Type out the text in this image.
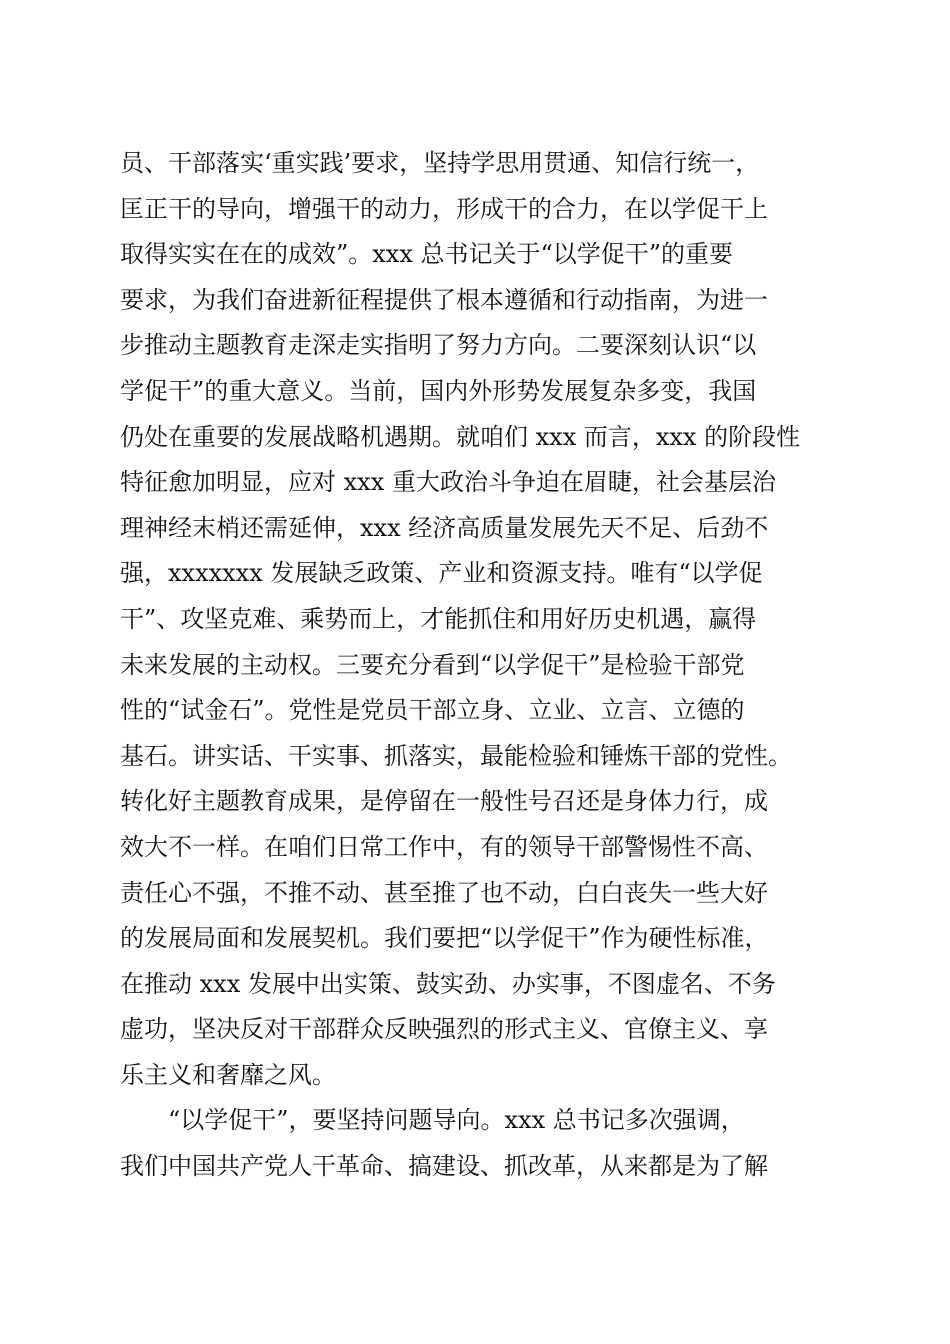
员、干部落实‘重实践’要求，坚持学思用贯通、知信行统一，
匡正干的导向，增强干的动力，形成干的合力，在以学促干上
取得实实在在的成效”。xxx 总书记关于“以学促干”的重要
要求，为我们奋进新征程提供了根本遵循和行动指南，为进一
步推动主题教育走深走实指明了努力方向。二要深刻认识“以
学促干”的重大意义。当前，国内外形势发展复杂多变，我国
仍处在重要的发展战略机遇期。就咱们 xxx 而言，xxx 的阶段性
特征愈加明显，应对 xxx 重大政治斗争迫在眉睫，社会基层治
理神经末梢还需延伸，xxx 经济高质量发展先天不足、后劲不
强，xxxxxxx 发展缺乏政策、产业和资源支持。唯有“以学促
干”、攻坚克难、乘势而上，才能抓住和用好历史机遇，赢得
未来发展的主动权。三要充分看到“以学促干”是检验干部党
性的“试金石”。党性是党员干部立身、立业、立言、立德的
基石。讲实话、干实事、抓落实，最能检验和锤炼干部的党性。
转化好主题教育成果，是停留在一般性号召还是身体力行，成
效大不一样。在咱们日常工作中，有的领导干部警惕性不高、
责任心不强，不推不动、甚至推了也不动，白白丧失一些大好
的发展局面和发展契机。我们要把“以学促干”作为硬性标准，
在推动 xxx 发展中出实策、鼓实劲、办实事，不图虚名、不务
虚功，坚决反对干部群众反映强烈的形式主义、官僚主义、享
乐主义和奢靡之风。
“以学促干”，要坚持问题导向。xxx 总书记多次强调，
我们中国共产党人干革命、搞建设、抓改革，从来都是为了解
